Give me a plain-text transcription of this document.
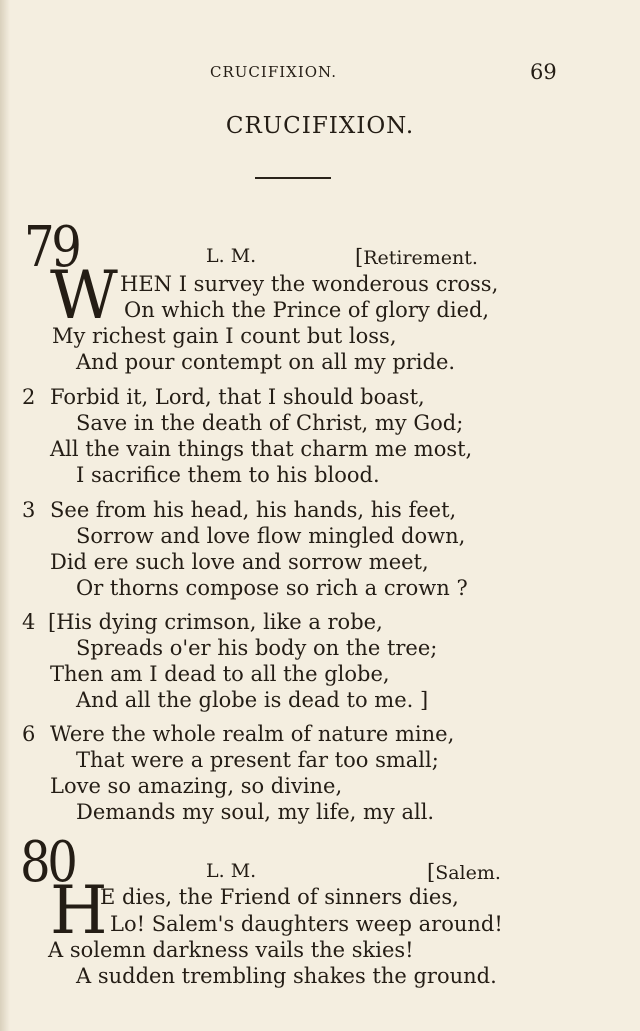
CRUCIFIXION.	69
CRUCIFIXION.
79	L. M.	[Retirement.
W HEN I survey the wonderous cross,
On which the Prince of glory died,
My richest gain I count but loss,
And pour contempt on all my pride.
2 Forbid it, Lord, that I should boast,
Save in the death of Christ, my God;
All the vain things that charm me most,
I sacrifice them to his blood.
3 See from his head, his hands, his feet,
Sorrow and love flow mingled down,
Did ere such love and sorrow meet,
Or thorns compose so rich a crown ?
4 [His dying crimson, like a robe,
Spreads o'er his body on the tree;
Then am I dead to all the globe,
And all the globe is dead to me. ]
6 Were the whole realm of nature mine,
That were a present far too small;
Love so amazing, so divine,
Demands my soul, my life, my all.
80	L. M.	[Salem.
H
E dies, the Friend of sinners dies,
Lo! Salem's daughters weep around!
A solemn darkness vails the skies!
A sudden trembling shakes the ground.
